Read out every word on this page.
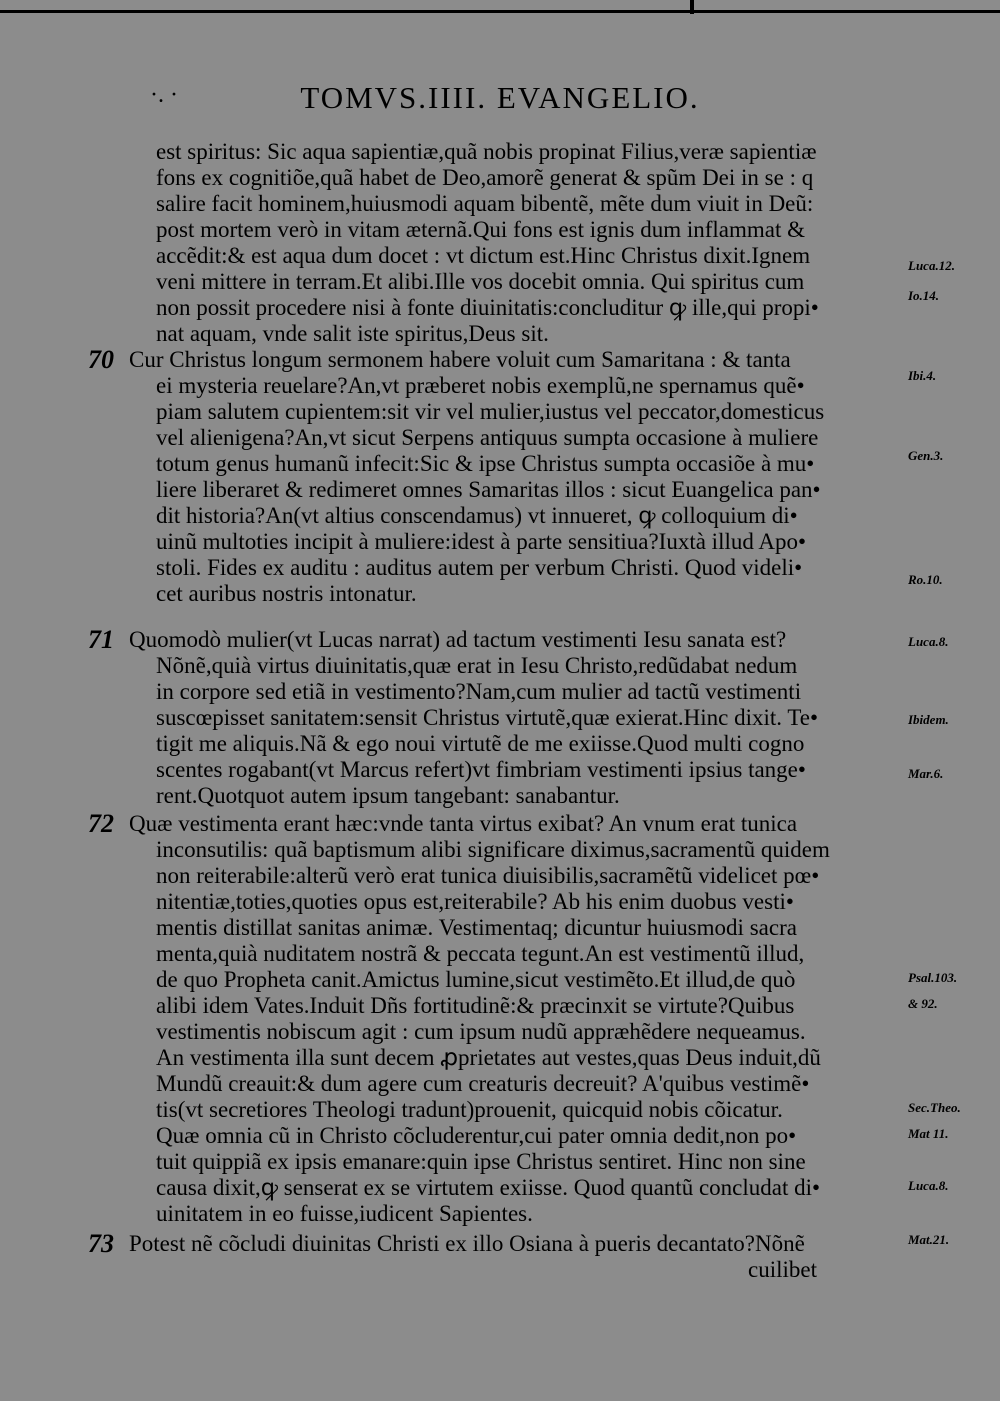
·. ·	TOMVS.IIII. EVANGELIO.
est spiritus: Sic aqua sapientiæ,quã nobis propinat Filius,veræ sapientiæ
fons ex cognitiõe,quã habet de Deo,amorẽ generat & spũm Dei in se : q
salire facit hominem,huiusmodi aquam bibentẽ, mẽte dum viuit in Deũ:
post mortem verò in vitam æternã.Qui fons est ignis dum inflammat &
accẽdit:& est aqua dum docet : vt dictum est.Hinc Christus dixit.Ignem
veni mittere in terram.Et alibi.Ille vos docebit omnia. Qui spiritus cum
non possit procedere nisi à fonte diuinitatis:concluditur ꝙ ille,qui propi•
nat aquam, vnde salit iste spiritus,Deus sit.
70 Cur Christus longum sermonem habere voluit cum Samaritana : & tanta
ei mysteria reuelare?An,vt præberet nobis exemplũ,ne spernamus quẽ•
piam salutem cupientem:sit vir vel mulier,iustus vel peccator,domesticus
vel alienigena?An,vt sicut Serpens antiquus sumpta occasione à muliere
totum genus humanũ infecit:Sic & ipse Christus sumpta occasiõe à mu•
liere liberaret & redimeret omnes Samaritas illos : sicut Euangelica pan•
dit historia?An(vt altius conscendamus) vt innueret, ꝙ colloquium di•
uinũ multoties incipit à muliere:idest à parte sensitiua?Iuxtà illud Apo•
stoli. Fides ex auditu : auditus autem per verbum Christi. Quod videli•
cet auribus nostris intonatur.
71 Quomodò mulier(vt Lucas narrat) ad tactum vestimenti Iesu sanata est?
Nõnẽ,quià virtus diuinitatis,quæ erat in Iesu Christo,redũdabat nedum
in corpore sed etiã in vestimento?Nam,cum mulier ad tactũ vestimenti
suscœpisset sanitatem:sensit Christus virtutẽ,quæ exierat.Hinc dixit. Te•
tigit me aliquis.Nã & ego noui virtutẽ de me exiisse.Quod multi cogno
scentes rogabant(vt Marcus refert)vt fimbriam vestimenti ipsius tange•
rent.Quotquot autem ipsum tangebant: sanabantur.
72 Quæ vestimenta erant hæc:vnde tanta virtus exibat? An vnum erat tunica
inconsutilis: quã baptismum alibi significare diximus,sacramentũ quidem
non reiterabile:alterũ verò erat tunica diuisibilis,sacramẽtũ videlicet pœ•
nitentiæ,toties,quoties opus est,reiterabile? Ab his enim duobus vesti•
mentis distillat sanitas animæ. Vestimentaq; dicuntur huiusmodi sacra
menta,quià nuditatem nostrã & peccata tegunt.An est vestimentũ illud,
de quo Propheta canit.Amictus lumine,sicut vestimẽto.Et illud,de quò
alibi idem Vates.Induit Dñs fortitudinẽ:& præcinxit se virtute?Quibus
vestimentis nobiscum agit : cum ipsum nudũ appræhẽdere nequeamus.
An vestimenta illa sunt decem ꝓprietates aut vestes,quas Deus induit,dũ
Mundũ creauit:& dum agere cum creaturis decreuit? A'quibus vestimẽ•
tis(vt secretiores Theologi tradunt)prouenit, quicquid nobis cõicatur.
Quæ omnia cũ in Christo cõcluderentur,cui pater omnia dedit,non po•
tuit quippiã ex ipsis emanare:quin ipse Christus sentiret. Hinc non sine
causa dixit,ꝙ senserat ex se virtutem exiisse. Quod quantũ concludat di•
uinitatem in eo fuisse,iudicent Sapientes.
73 Potest nẽ cõcludi diuinitas Christi ex illo Osiana à pueris decantato?Nõnẽ
cuilibet
Luca.12.
Io.14.
Ibi.4.
Gen.3.
Ro.10.
Luca.8.
Ibidem.
Mar.6.
Psal.103.
& 92.
Sec.Theo.
Mat 11.
Luca.8.
Mat.21.
